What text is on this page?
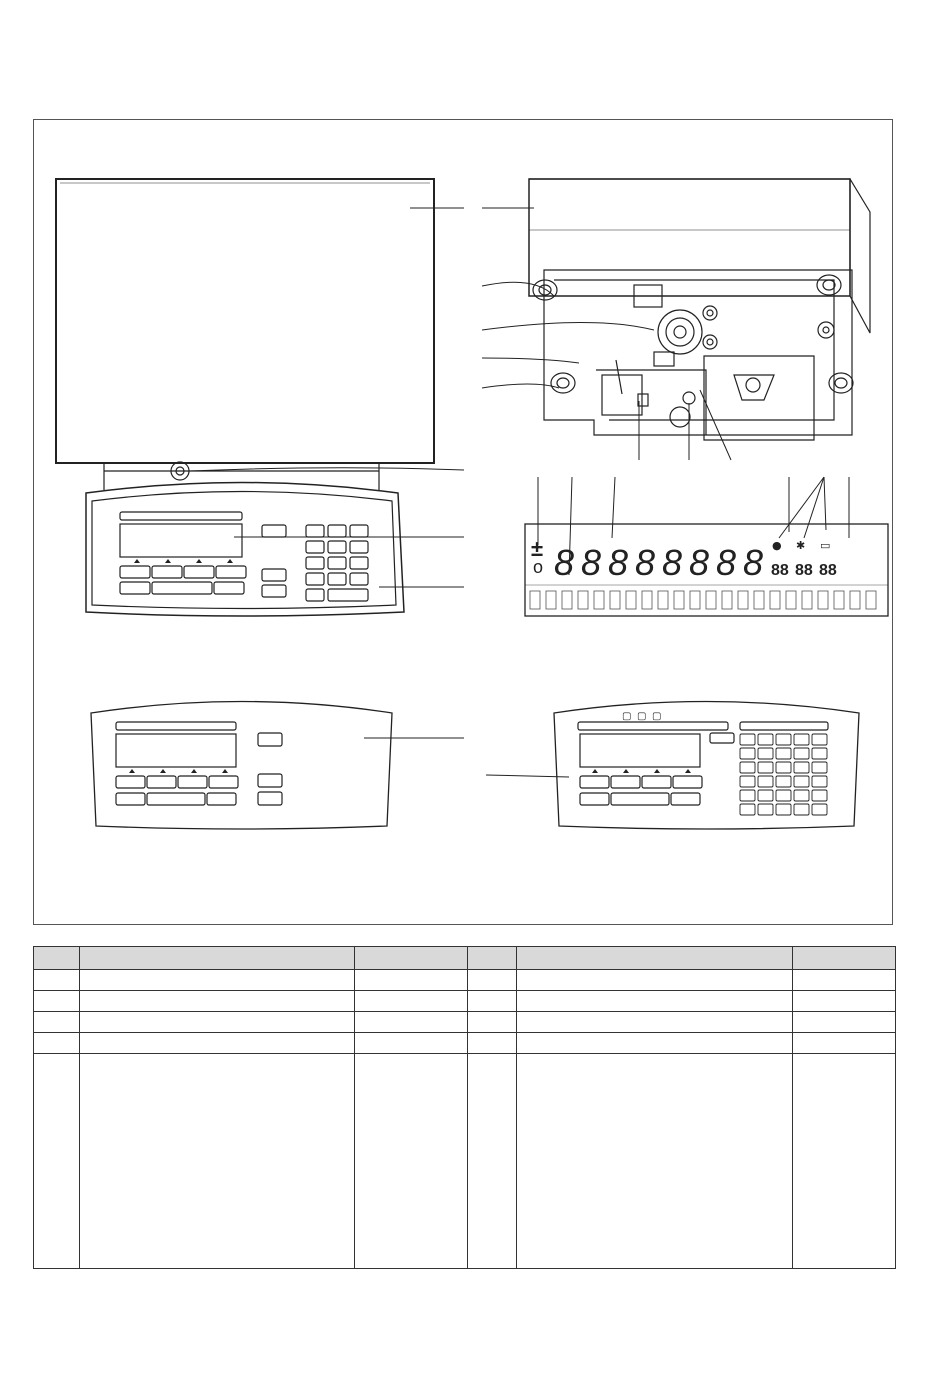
±
o 8 8 8 8 8 8 8 8 88 88 88
● ✱ ▭
▢ ▢ ▢
